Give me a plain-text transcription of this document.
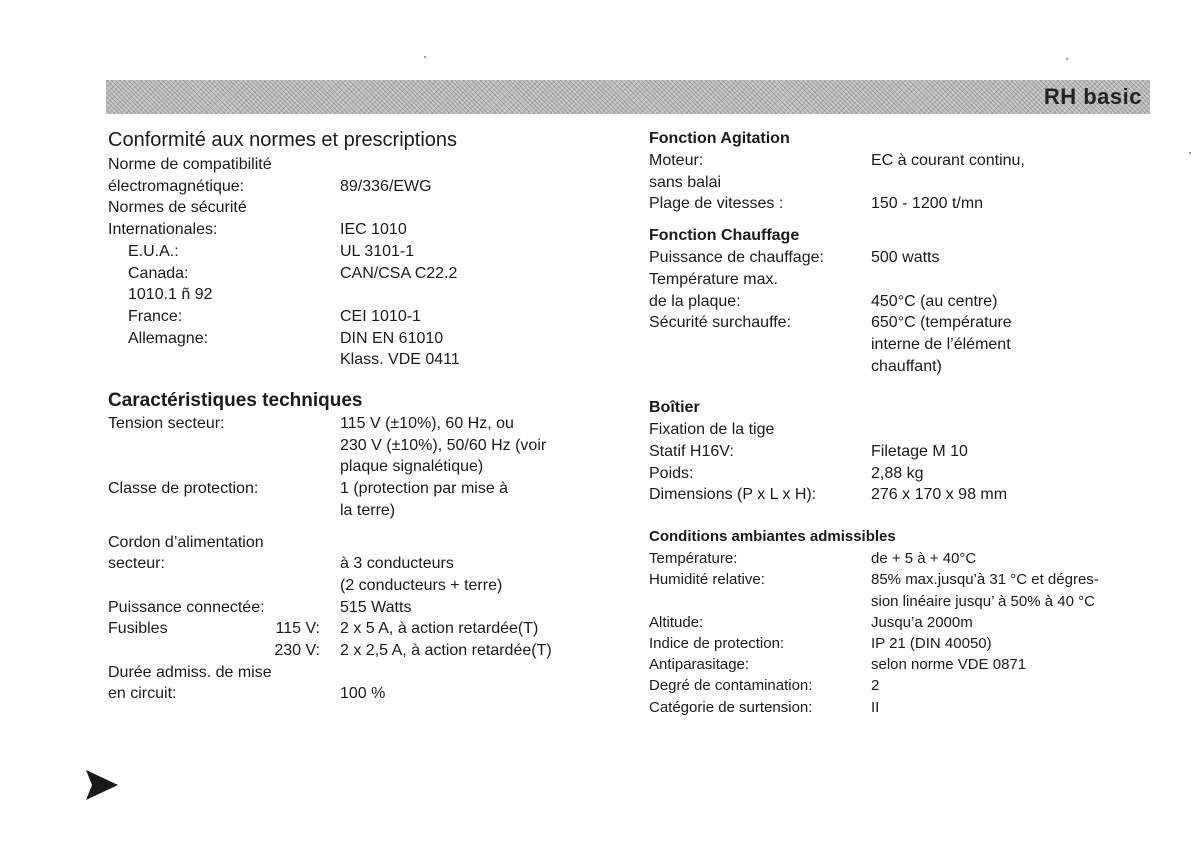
RH basic
Conformité aux normes et prescriptions
Norme de compatibilité
électromagnétique:	89/336/EWG
Normes de sécurité
Internationales:	IEC 1010
E.U.A.:	UL 3101-1
Canada:	CAN/CSA C22.2
1010.1 ñ 92
France:	CEI 1010-1
Allemagne:	DIN EN 61010
Klass. VDE 0411
Caractéristiques techniques
Tension secteur:	115 V (±10%), 60 Hz, ou
230 V (±10%), 50/60 Hz (voir
plaque signalétique)
Classe de protection:	1 (protection par mise à
la terre)
Cordon d’alimentation
secteur:	à 3 conducteurs
(2 conducteurs + terre)
Puissance connectée:	515 Watts
Fusibles	115 V: 2 x 5 A, à action retardée(T)
230 V: 2 x 2,5 A, à action retardée(T)
Durée admiss. de mise
en circuit:	100 %
Fonction Agitation
Moteur:	EC à courant continu,
sans balai
Plage de vitesses :	150 - 1200 t/mn
Fonction Chauffage
Puissance de chauffage:	500 watts
Température max.
de la plaque:	450°C (au centre)
Sécurité surchauffe:	650°C (température
interne de l’élément
chauffant)
Boîtier
Fixation de la tige
Statif H16V:	Filetage M 10
Poids:	2,88 kg
Dimensions (P x L x H):	276 x 170 x 98 mm
Conditions ambiantes admissibles
Température:	de + 5 à + 40°C
Humidité relative:	85% max.jusqu’à 31 °C et dégres-
sion linéaire jusqu’ à 50% à 40 °C
Altitude:	Jusqu’a 2000m
Indice de protection:	IP 21 (DIN 40050)
Antiparasitage:	selon norme VDE 0871
Degré de contamination:	2
Catégorie de surtension:	II
